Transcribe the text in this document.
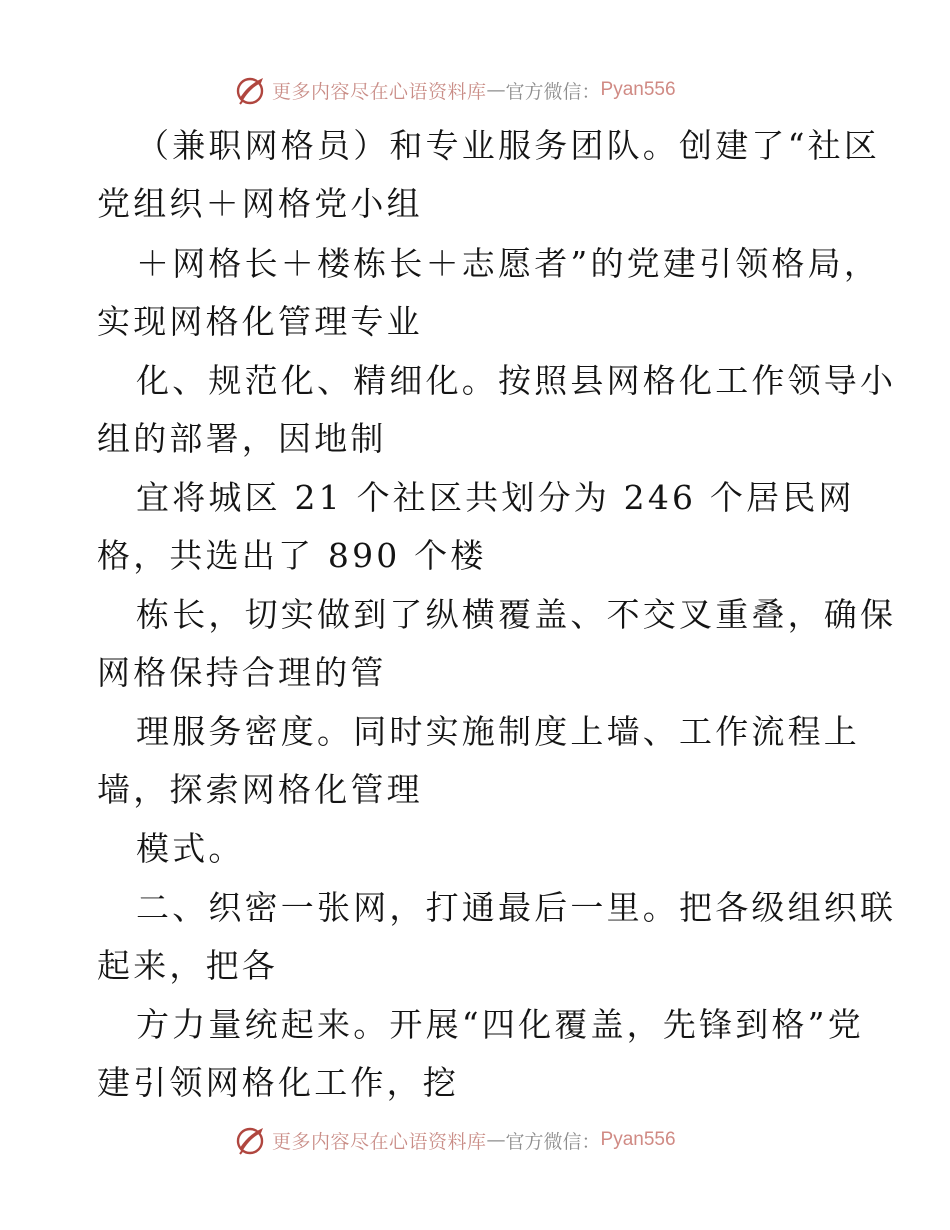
更多内容尽在心语资料库 — 官方微信： Pyan556
（兼职网格员）和专业服务团队。创建了“社区
党组织＋网格党小组
＋网格长＋楼栋长＋志愿者”的党建引领格局，
实现网格化管理专业
化、规范化、精细化。按照县网格化工作领导小
组的部署，因地制
宜将城区 21 个社区共划分为 246 个居民网
格，共选出了 890 个楼
栋长，切实做到了纵横覆盖、不交叉重叠，确保
网格保持合理的管
理服务密度。同时实施制度上墙、工作流程上
墙，探索网格化管理
模式。
二、织密一张网，打通最后一里。把各级组织联
起来，把各
方力量统起来。开展“四化覆盖，先锋到格”党
建引领网格化工作，挖
更多内容尽在心语资料库 — 官方微信： Pyan556
